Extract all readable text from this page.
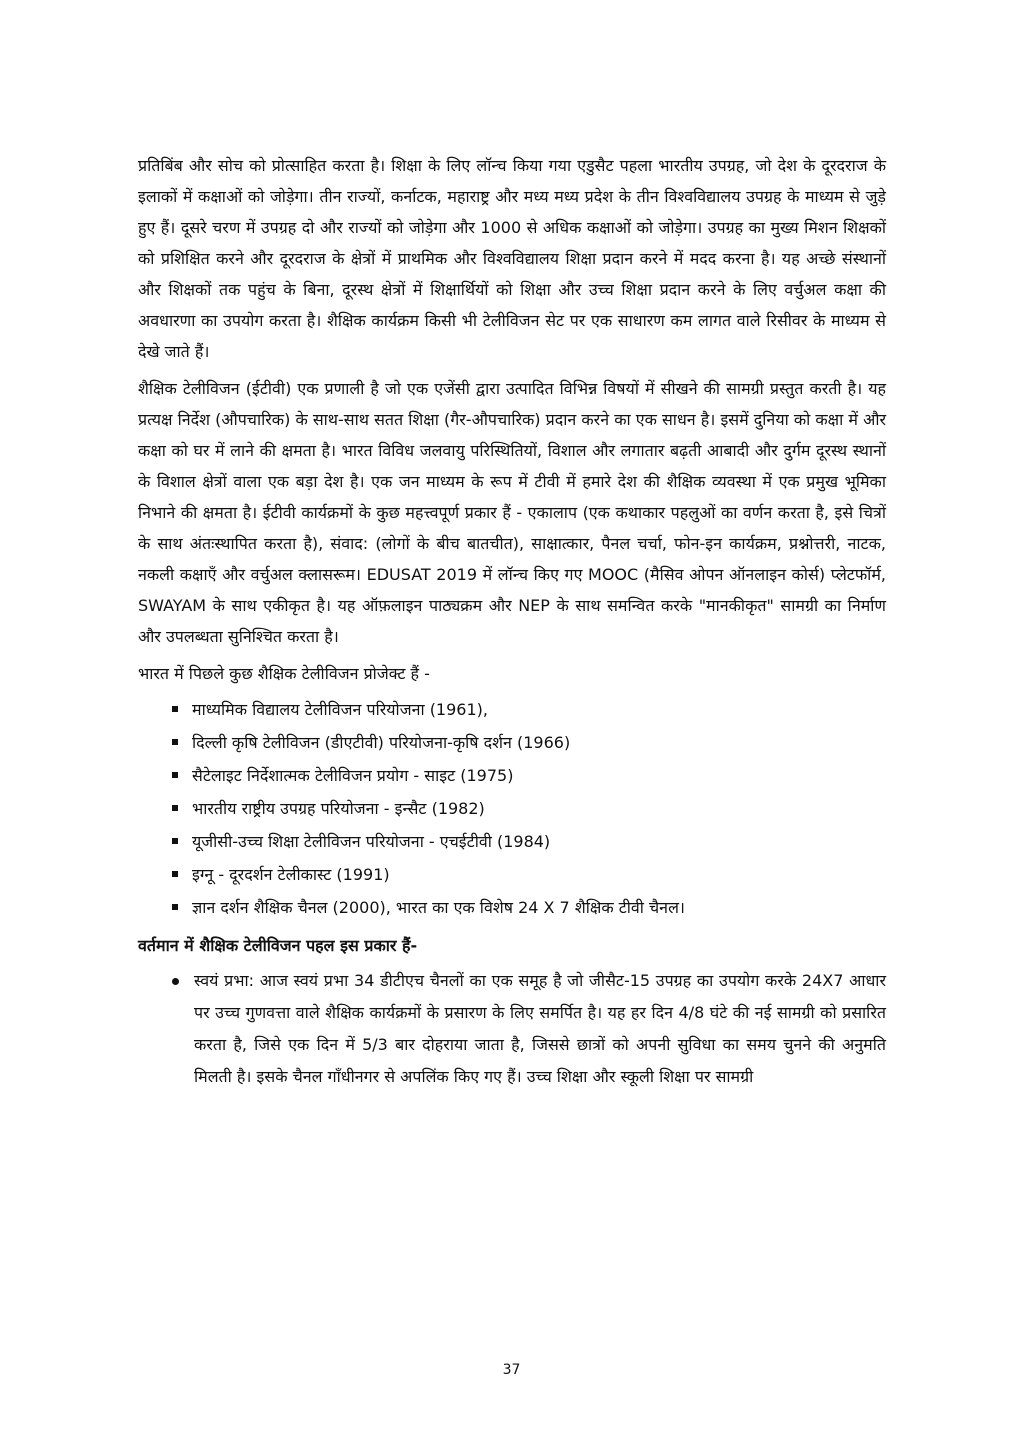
प्रतिबिंब और सोच को प्रोत्साहित करता है। शिक्षा के लिए लॉन्च किया गया एडुसैट पहला भारतीय उपग्रह, जो देश के दूरदराज के इलाकों में कक्षाओं को जोड़ेगा। तीन राज्यों, कर्नाटक, महाराष्ट्र और मध्य मध्य प्रदेश के तीन विश्वविद्यालय उपग्रह के माध्यम से जुड़े हुए हैं। दूसरे चरण में उपग्रह दो और राज्यों को जोड़ेगा और 1000 से अधिक कक्षाओं को जोड़ेगा। उपग्रह का मुख्य मिशन शिक्षकों को प्रशिक्षित करने और दूरदराज के क्षेत्रों में प्राथमिक और विश्वविद्यालय शिक्षा प्रदान करने में मदद करना है। यह अच्छे संस्थानों और शिक्षकों तक पहुंच के बिना, दूरस्थ क्षेत्रों में शिक्षार्थियों को शिक्षा और उच्च शिक्षा प्रदान करने के लिए वर्चुअल कक्षा की अवधारणा का उपयोग करता है। शैक्षिक कार्यक्रम किसी भी टेलीविजन सेट पर एक साधारण कम लागत वाले रिसीवर के माध्यम से देखे जाते हैं।

शैक्षिक टेलीविजन (ईटीवी) एक प्रणाली है जो एक एजेंसी द्वारा उत्पादित विभिन्न विषयों में सीखने की सामग्री प्रस्तुत करती है। यह प्रत्यक्ष निर्देश (औपचारिक) के साथ-साथ सतत शिक्षा (गैर-औपचारिक) प्रदान करने का एक साधन है। इसमें दुनिया को कक्षा में और कक्षा को घर में लाने की क्षमता है। भारत विविध जलवायु परिस्थितियों, विशाल और लगातार बढ़ती आबादी और दुर्गम दूरस्थ स्थानों के विशाल क्षेत्रों वाला एक बड़ा देश है। एक जन माध्यम के रूप में टीवी में हमारे देश की शैक्षिक व्यवस्था में एक प्रमुख भूमिका निभाने की क्षमता है। ईटीवी कार्यक्रमों के कुछ महत्त्वपूर्ण प्रकार हैं - एकालाप (एक कथाकार पहलुओं का वर्णन करता है, इसे चित्रों के साथ अंतःस्थापित करता है), संवाद: (लोगों के बीच बातचीत), साक्षात्कार, पैनल चर्चा, फोन-इन कार्यक्रम, प्रश्नोत्तरी, नाटक, नकली कक्षाएँ और वर्चुअल क्लासरूम। EDUSAT 2019 में लॉन्च किए गए MOOC (मैसिव ओपन ऑनलाइन कोर्स) प्लेटफॉर्म, SWAYAM के साथ एकीकृत है। यह ऑफ़लाइन पाठ्यक्रम और NEP के साथ समन्वित करके "मानकीकृत" सामग्री का निर्माण और उपलब्धता सुनिश्चित करता है।

भारत में पिछले कुछ शैक्षिक टेलीविजन प्रोजेक्ट हैं -

माध्यमिक विद्यालय टेलीविजन परियोजना (1961),
दिल्ली कृषि टेलीविजन (डीएटीवी) परियोजना-कृषि दर्शन (1966)
सैटेलाइट निर्देशात्मक टेलीविजन प्रयोग - साइट (1975)
भारतीय राष्ट्रीय उपग्रह परियोजना - इन्सैट (1982)
यूजीसी-उच्च शिक्षा टेलीविजन परियोजना - एचईटीवी (1984)
इग्नू - दूरदर्शन टेलीकास्ट (1991)
ज्ञान दर्शन शैक्षिक चैनल (2000), भारत का एक विशेष 24 X 7 शैक्षिक टीवी चैनल।

वर्तमान में शैक्षिक टेलीविजन पहल इस प्रकार हैं-

स्वयं प्रभा: आज स्वयं प्रभा 34 डीटीएच चैनलों का एक समूह है जो जीसैट-15 उपग्रह का उपयोग करके 24X7 आधार पर उच्च गुणवत्ता वाले शैक्षिक कार्यक्रमों के प्रसारण के लिए समर्पित है। यह हर दिन 4/8 घंटे की नई सामग्री को प्रसारित करता है, जिसे एक दिन में 5/3 बार दोहराया जाता है, जिससे छात्रों को अपनी सुविधा का समय चुनने की अनुमति मिलती है। इसके चैनल गाँधीनगर से अपलिंक किए गए हैं। उच्च शिक्षा और स्कूली शिक्षा पर सामग्री
37
